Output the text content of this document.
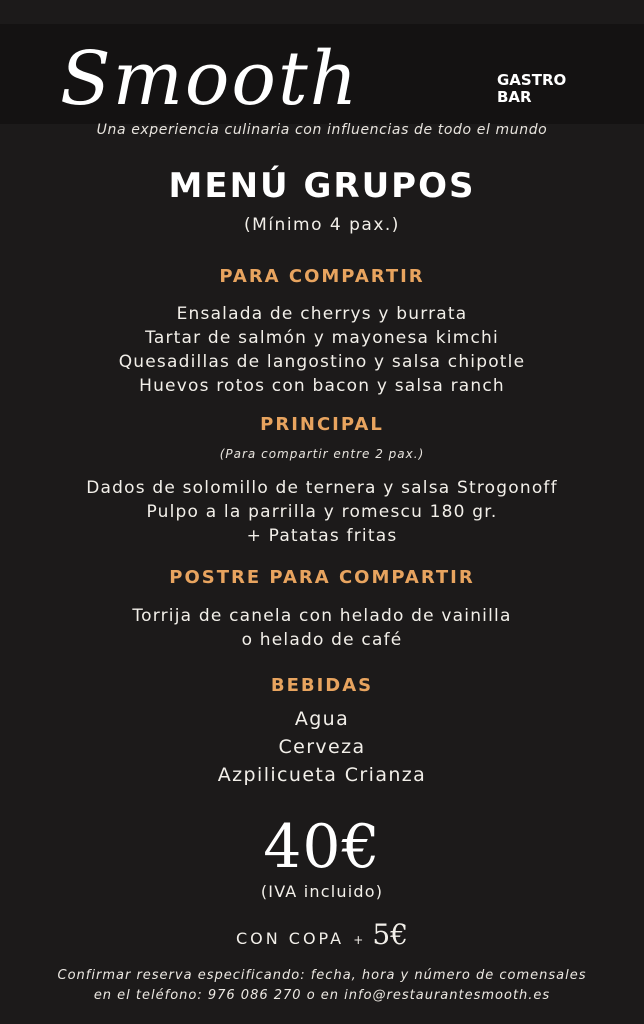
Smooth	GASTRO
BAR
Una experiencia culinaria con influencias de todo el mundo
MENÚ GRUPOS
(Mínimo 4 pax.)
PARA COMPARTIR
Ensalada de cherrys y burrata
Tartar de salmón y mayonesa kimchi
Quesadillas de langostino y salsa chipotle
Huevos rotos con bacon y salsa ranch
PRINCIPAL
(Para compartir entre 2 pax.)
Dados de solomillo de ternera y salsa Strogonoff
Pulpo a la parrilla y romescu 180 gr.
+ Patatas fritas
POSTRE PARA COMPARTIR
Torrija de canela con helado de vainilla
o helado de café
BEBIDAS
Agua
Cerveza
Azpilicueta Crianza
40€
(IVA incluido)
CON COPA + 5€
Confirmar reserva especificando: fecha, hora y número de comensales
en el teléfono: 976 086 270 o en info@restaurantesmooth.es
